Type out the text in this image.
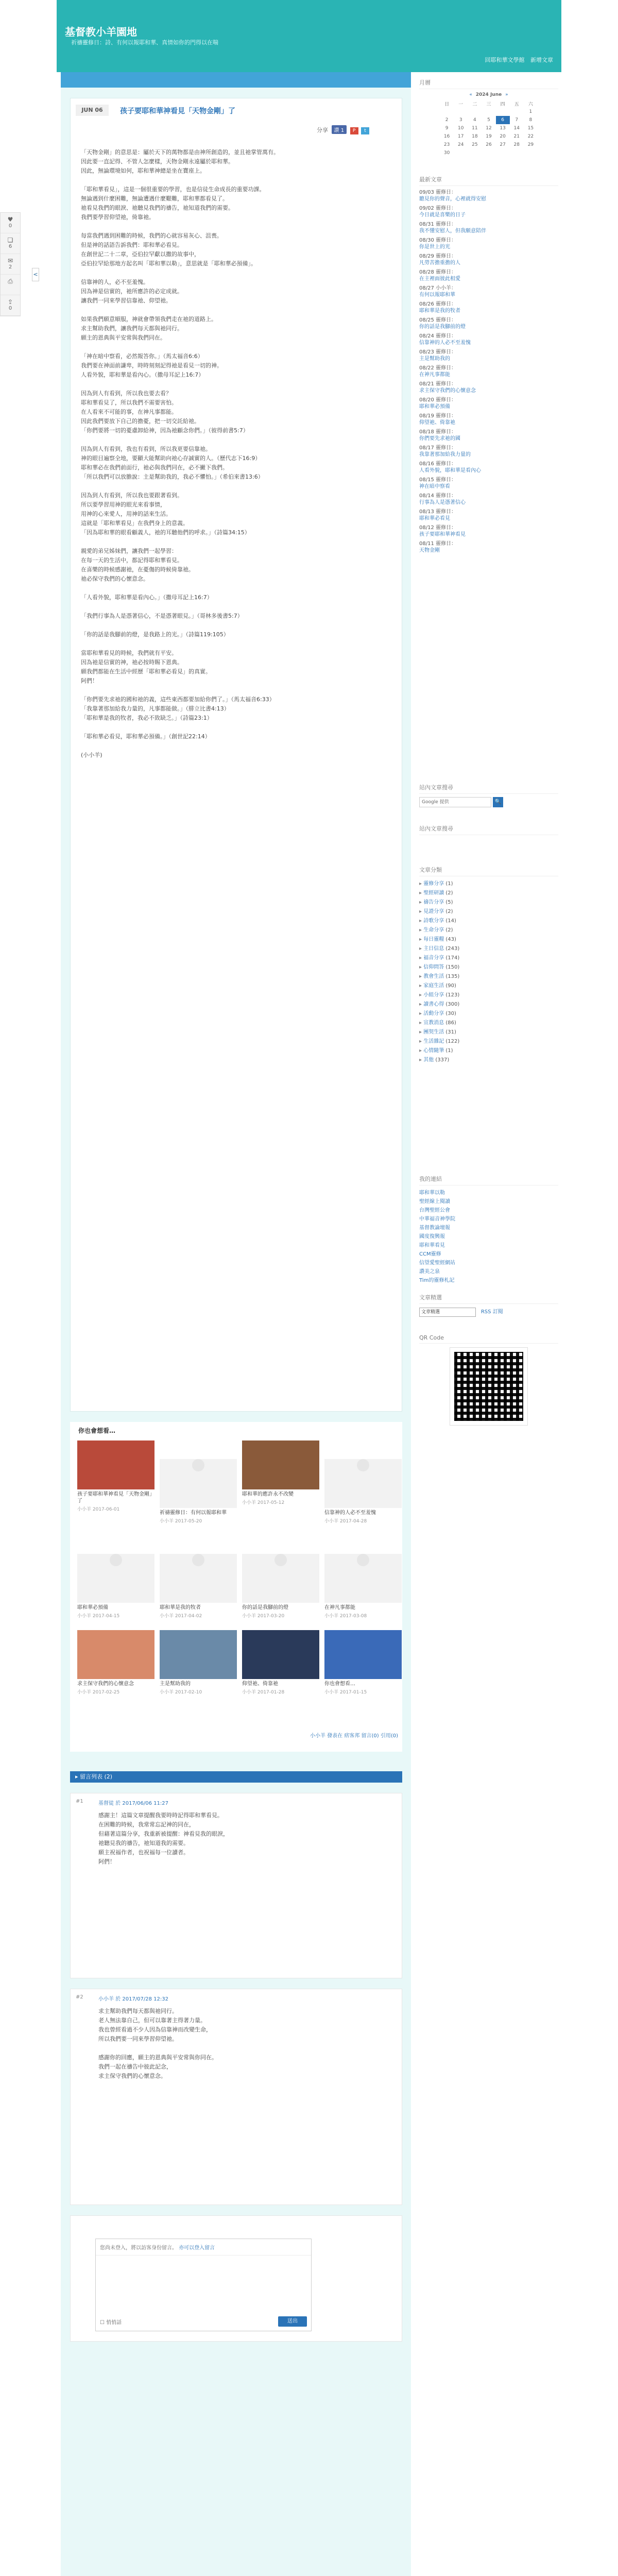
基督教小羊園地
祈禱靈修日：詩、有何以報耶和華、真情如你的門得以在喘
回耶和華文學館 新增文章
♥
0
❏
6
✉
2
⎙
⇪
0
<
JUN 06	孩子要耶和華神看見「天物金剛」了
分享 讚 1 P t

「天物金剛」的意思是：屬於天下的萬物都是由神所創造的，並且祂掌管萬有。
因此要一直記得、不管人怎麼樣，天物金剛永遠屬於耶和華。
因此，無論環境如何，耶和華神總是坐在寶座上。

「耶和華看見」，這是一個很重要的學習，也是信徒生命成長的重要功課。
無論遇到什麼困難，無論遭遇什麼艱難，耶和華都看見了。
祂看見我們的眼淚、祂聽見我們的禱告，祂知道我們的需要。
我們要學習仰望祂，倚靠祂。

每當我們遇到困難的時候，我們的心就容易灰心、沮喪。
但是神的話語告訴我們：耶和華必看見。
在創世記二十二章，亞伯拉罕獻以撒的故事中，
亞伯拉罕給那地方起名叫「耶和華以勒」，意思就是「耶和華必預備」。

信靠神的人，必不至羞愧。
因為神是信實的，祂所應許的必定成就。
讓我們一同來學習信靠祂、仰望祂。

如果我們願意順服，神就會帶領我們走在祂的道路上。
求主幫助我們，讓我們每天都與祂同行。
願主的恩典與平安常與我們同在。

「神在暗中察看，必然報答你。」（馬太福音6:6）
我們要在神面前謙卑，時時刻刻記得祂是看見一切的神。
人看外貌，耶和華是看內心。（撒母耳記上16:7）

因為到人有看到，所以我也要去看？
耶和華看見了，所以我們不需要害怕。
在人看來不可能的事，在神凡事都能。
因此我們要放下自己的擔憂，把一切交託給祂。
「你們要將一切的憂慮卸給神，因為祂顧念你們。」（彼得前書5:7）

因為到人有看到，我也有看到，所以我更要信靠祂。
神的眼目遍察全地，要顯大能幫助向祂心存誠實的人。（歷代志下16:9）
耶和華必在我們前面行，祂必與我們同在，必不撇下我們。
「所以我們可以放膽說：主是幫助我的，我必不懼怕。」（希伯來書13:6）

因為到人有看到，所以我也要跟著看到。
所以要學習用神的眼光來看事情，
用神的心來愛人，用神的話來生活。
這就是「耶和華看見」在我們身上的意義。
「因為耶和華的眼看顧義人，祂的耳聽他們的呼求。」（詩篇34:15）

親愛的弟兄姊妹們，讓我們一起學習：
在每一天的生活中，都記得耶和華看見。
在喜樂的時候感謝祂，在憂傷的時候倚靠祂。
祂必保守我們的心懷意念。

「人看外貌，耶和華是看內心。」（撒母耳記上16:7）

「我們行事為人是憑著信心，不是憑著眼見。」（哥林多後書5:7）

「你的話是我腳前的燈，是我路上的光。」（詩篇119:105）

當耶和華看見的時候，我們就有平安。
因為祂是信實的神，祂必按時賜下恩典。
願我們都能在生活中經歷「耶和華必看見」的真實。
阿們！

「你們要先求祂的國和祂的義，這些東西都要加給你們了。」（馬太福音6:33）
「我靠著那加給我力量的，凡事都能做。」（腓立比書4:13）
「耶和華是我的牧者，我必不致缺乏。」（詩篇23:1）

「耶和華必看見，耶和華必預備。」（創世記22:14）

(小小羊)

你也會想看…
孩子要耶和華神看見「天物金剛」了
小小羊 2017-06-01
祈禱靈修日：有何以報耶和華
小小羊 2017-05-20
耶和華的應許永不改變
小小羊 2017-05-12
信靠神的人必不至羞愧
小小羊 2017-04-28
耶和華必預備
小小羊 2017-04-15
耶和華是我的牧者
小小羊 2017-04-02
你的話是我腳前的燈
小小羊 2017-03-20
在神凡事都能
小小羊 2017-03-08
求主保守我們的心懷意念
小小羊 2017-02-25
主是幫助我的
小小羊 2017-02-10
仰望祂、倚靠祂
小小羊 2017-01-28
你也會想看…
小小羊 2017-01-15
小小羊 發表在 痞客邦 留言(0) 引用(0)
▸ 留言列表 (2)
#1	基督徒 於 2017/06/06 11:27
感謝主！這篇文章提醒我要時時記得耶和華看見。
在困難的時候，我常常忘記神的同在，
但藉著這篇分享，我重新被提醒：神看見我的眼淚，
祂聽見我的禱告，祂知道我的需要。
願主祝福作者，也祝福每一位讀者。
阿們！
#2	小小羊 於 2017/07/28 12:32
求主幫助我們每天都與祂同行。
老人無法靠自己，但可以靠著主得著力量。
我也曾經看過不少人因為信靠神而改變生命，
所以我們要一同來學習仰望祂。

感謝你的回應，願主的恩典與平安常與你同在。
我們一起在禱告中彼此記念，
求主保守我們的心懷意念。
您尚未登入，將以訪客身份留言。 亦可以登入留言
☐ 悄悄話	送出
月曆
« 2024 June »
日	一	二	三	四	五	六
						1
2	3	4	5	6	7	8
9	10	11	12	13	14	15
16	17	18	19	20	21	22
23	24	25	26	27	28	29
30						
最新文章
09/03 靈修日：
聽見你的聲音，心裡就得安慰
09/02 靈修日：
今日就是喜樂的日子
08/31 靈修日：
我不懂安慰人，但我願意陪伴
08/30 靈修日：
你是世上的光
08/29 靈修日：
凡勞苦擔重擔的人
08/28 靈修日：
在主裡面彼此相愛
08/27 小小羊：
有何以報耶和華
08/26 靈修日：
耶和華是我的牧者
08/25 靈修日：
你的話是我腳前的燈
08/24 靈修日：
信靠神的人必不至羞愧
08/23 靈修日：
主是幫助我的
08/22 靈修日：
在神凡事都能
08/21 靈修日：
求主保守我們的心懷意念
08/20 靈修日：
耶和華必預備
08/19 靈修日：
仰望祂、倚靠祂
08/18 靈修日：
你們要先求祂的國
08/17 靈修日：
我靠著那加給我力量的
08/16 靈修日：
人看外貌，耶和華是看內心
08/15 靈修日：
神在暗中察看
08/14 靈修日：
行事為人是憑著信心
08/13 靈修日：
耶和華必看見
08/12 靈修日：
孩子要耶和華神看見
08/11 靈修日：
天物金剛
站內文章搜尋
Google 提供	🔍
站內文章搜尋
文章分類
▸ 靈修分享 (1)
▸ 聖經研讀 (2)
▸ 禱告分享 (5)
▸ 見證分享 (2)
▸ 詩歌分享 (14)
▸ 生命分享 (2)
▸ 每日靈糧 (43)
▸ 主日信息 (243)
▸ 福音分享 (174)
▸ 信仰問答 (150)
▸ 教會生活 (135)
▸ 家庭生活 (90)
▸ 小組分享 (123)
▸ 讀書心得 (300)
▸ 活動分享 (30)
▸ 宣教消息 (86)
▸ 團契生活 (31)
▸ 生活雜記 (122)
▸ 心情隨筆 (1)
▸ 其他 (337)
我的連結
耶和華以勒
聖經線上閱讀
台灣聖經公會
中華福音神學院
基督教論壇報
國度復興報
耶和華看見
CCM靈修
信望愛聖經網站
讚美之泉
Tim的靈修札記
文章精選
文章精選	RSS 訂閱
QR Code
